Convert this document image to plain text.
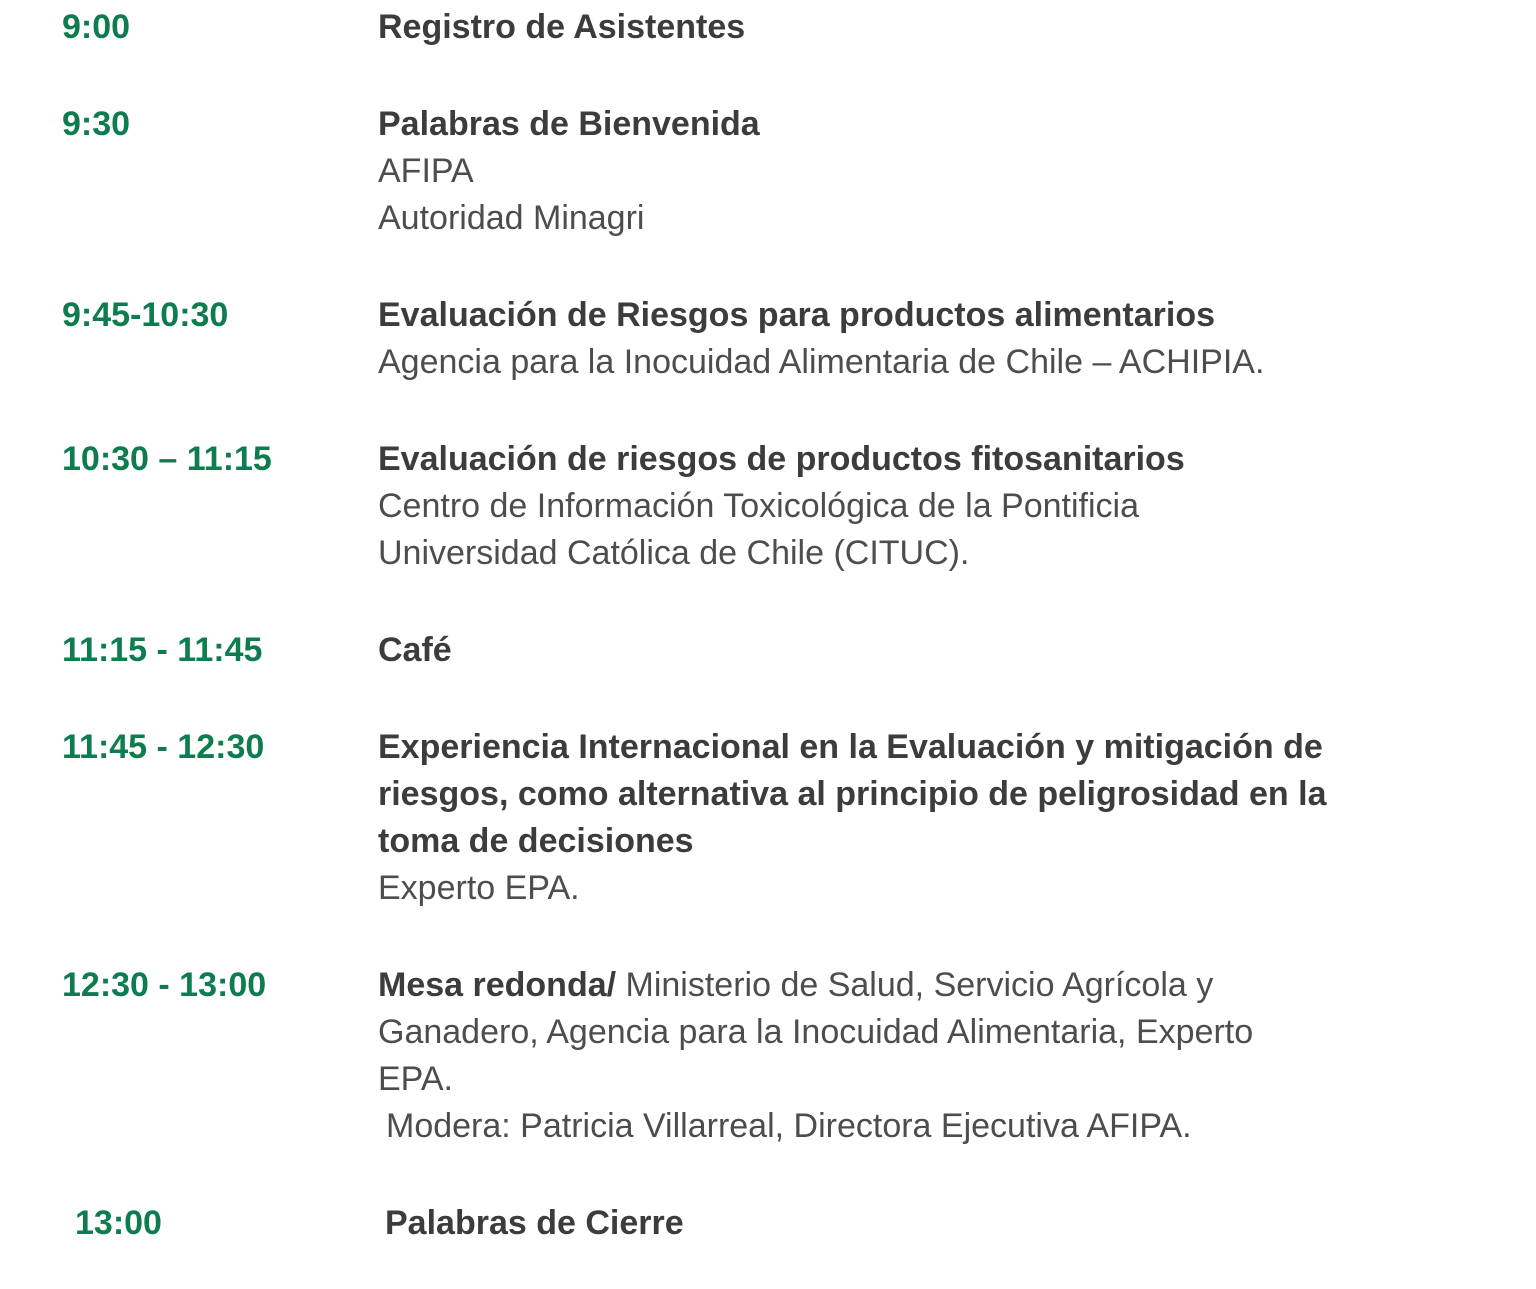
9:00	Registro de Asistentes
9:30	Palabras de Bienvenida
AFIPA
Autoridad Minagri
9:45-10:30	Evaluación de Riesgos para productos alimentarios
Agencia para la Inocuidad Alimentaria de Chile – ACHIPIA.
10:30 – 11:15	Evaluación de riesgos de productos fitosanitarios
Centro de Información Toxicológica de la Pontificia
Universidad Católica de Chile (CITUC).
11:15 - 11:45	Café
11:45 - 12:30	Experiencia Internacional en la Evaluación y mitigación de
riesgos, como alternativa al principio de peligrosidad en la
toma de decisiones
Experto EPA.
12:30 - 13:00	Mesa redonda/ Ministerio de Salud, Servicio Agrícola y
Ganadero, Agencia para la Inocuidad Alimentaria, Experto
EPA.
Modera: Patricia Villarreal, Directora Ejecutiva AFIPA.
13:00	Palabras de Cierre
